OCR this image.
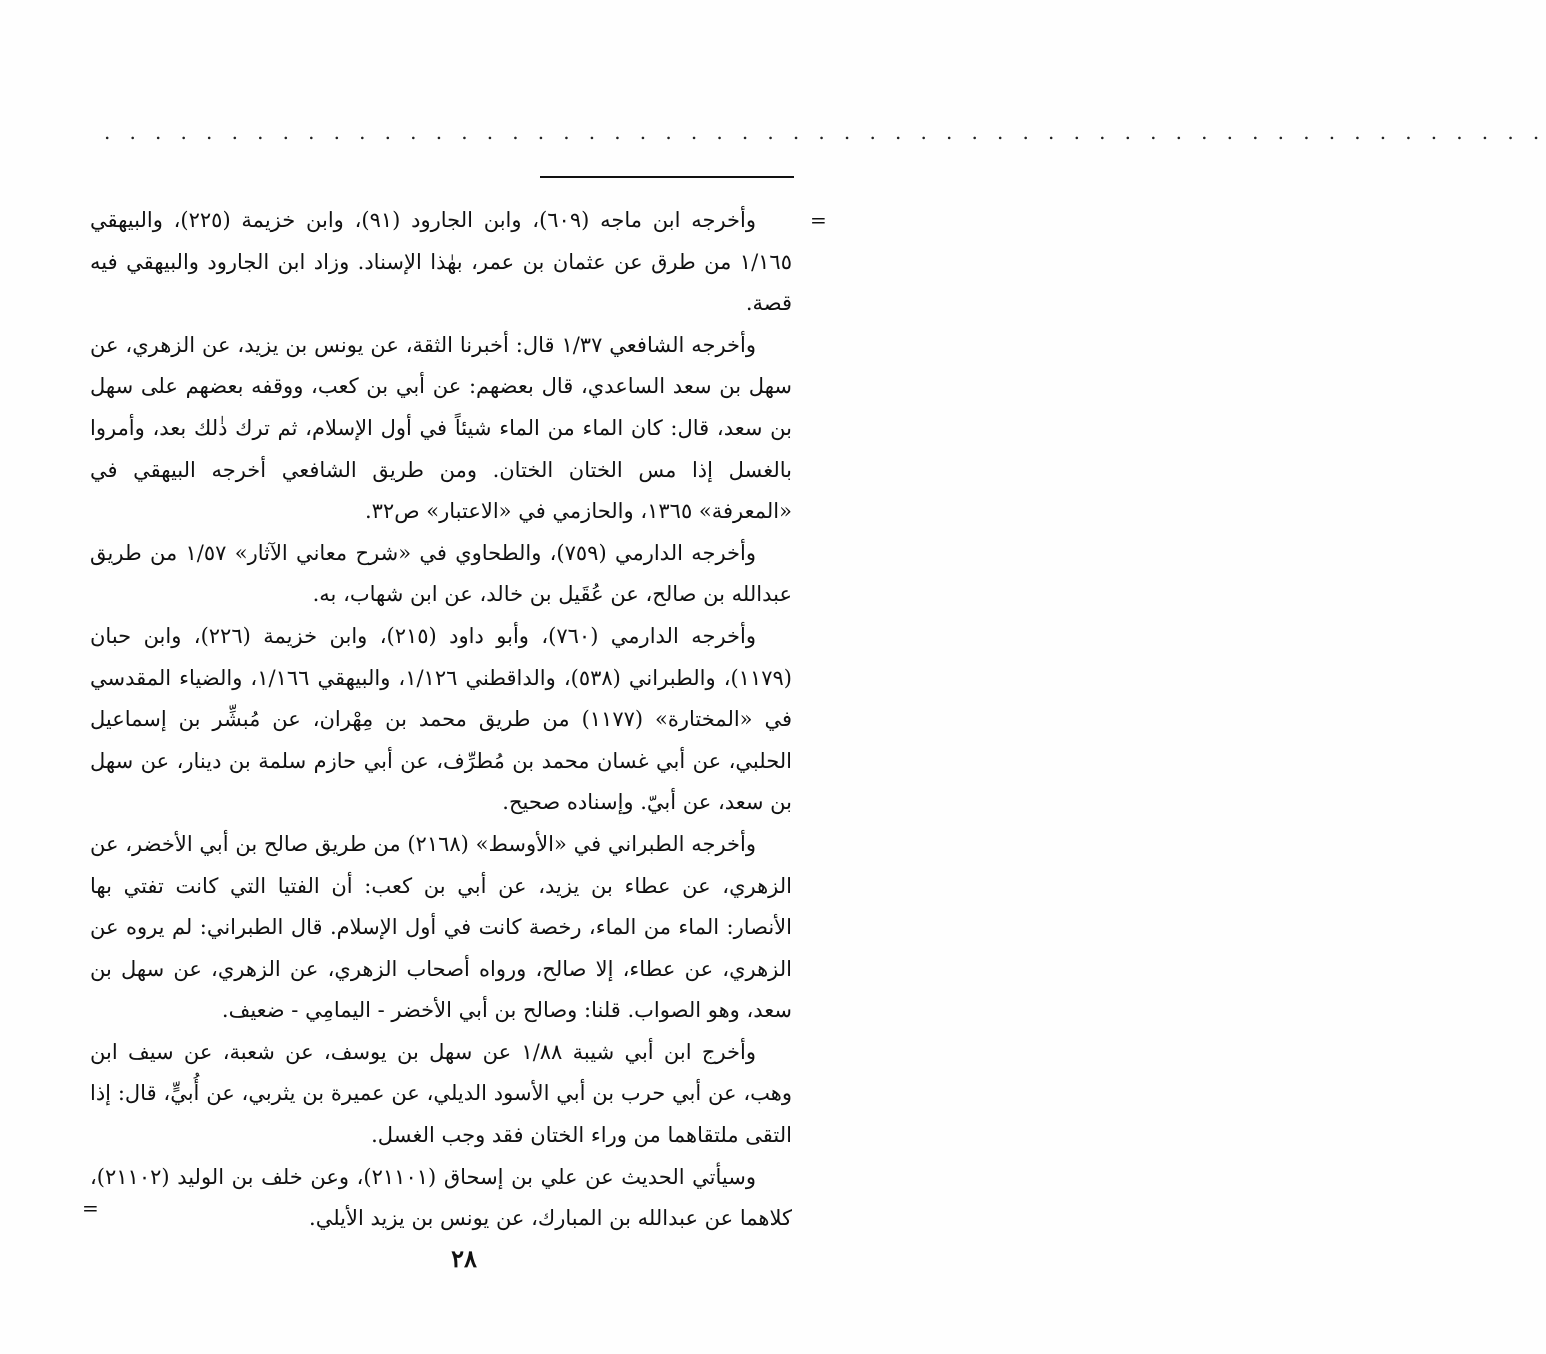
. . . . . . . . . . . . . . . . . . . . . . . . . . . . . . . . . . . . . . . . . . . . . . . . . . . . . . . . .
=

وأخرجه ابن ماجه (٦٠٩)، وابن الجارود (٩١)، وابن خزيمة (٢٢٥)، والبيهقي ١/١٦٥ من طرق عن عثمان بن عمر، بهٰذا الإسناد. وزاد ابن الجارود والبيهقي فيه قصة.

وأخرجه الشافعي ١/٣٧ قال: أخبرنا الثقة، عن يونس بن يزيد، عن الزهري، عن سهل بن سعد الساعدي، قال بعضهم: عن أبي بن كعب، ووقفه بعضهم على سهل بن سعد، قال: كان الماء من الماء شيئاً في أول الإسلام، ثم ترك ذٰلك بعد، وأمروا بالغسل إذا مس الختان الختان. ومن طريق الشافعي أخرجه البيهقي في «المعرفة» ١٣٦٥، والحازمي في «الاعتبار» ص٣٢.

وأخرجه الدارمي (٧٥٩)، والطحاوي في «شرح معاني الآثار» ١/٥٧ من طريق عبدالله بن صالح، عن عُقَيل بن خالد، عن ابن شهاب، به.

وأخرجه الدارمي (٧٦٠)، وأبو داود (٢١٥)، وابن خزيمة (٢٢٦)، وابن حبان (١١٧٩)، والطبراني (٥٣٨)، والداقطني ١/١٢٦، والبيهقي ١/١٦٦، والضياء المقدسي في «المختارة» (١١٧٧) من طريق محمد بن مِهْران، عن مُبشِّر بن إسماعيل الحلبي، عن أبي غسان محمد بن مُطرِّف، عن أبي حازم سلمة بن دينار، عن سهل بن سعد، عن أبيّ. وإسناده صحيح.

وأخرجه الطبراني في «الأوسط» (٢١٦٨) من طريق صالح بن أبي الأخضر، عن الزهري، عن عطاء بن يزيد، عن أبي بن كعب: أن الفتيا التي كانت تفتي بها الأنصار: الماء من الماء، رخصة كانت في أول الإسلام. قال الطبراني: لم يروه عن الزهري، عن عطاء، إلا صالح، ورواه أصحاب الزهري، عن الزهري، عن سهل بن سعد، وهو الصواب. قلنا: وصالح بن أبي الأخضر - اليمامِي - ضعيف.

وأخرج ابن أبي شيبة ١/٨٨ عن سهل بن يوسف، عن شعبة، عن سيف ابن وهب، عن أبي حرب بن أبي الأسود الديلي، عن عميرة بن يثربي، عن أُبيٍّ، قال: إذا التقى ملتقاهما من وراء الختان فقد وجب الغسل.

وسيأتي الحديث عن علي بن إسحاق (٢١١٠١)، وعن خلف بن الوليد (٢١١٠٢)، كلاهما عن عبدالله بن المبارك، عن يونس بن يزيد الأيلي.

=
٢٨
